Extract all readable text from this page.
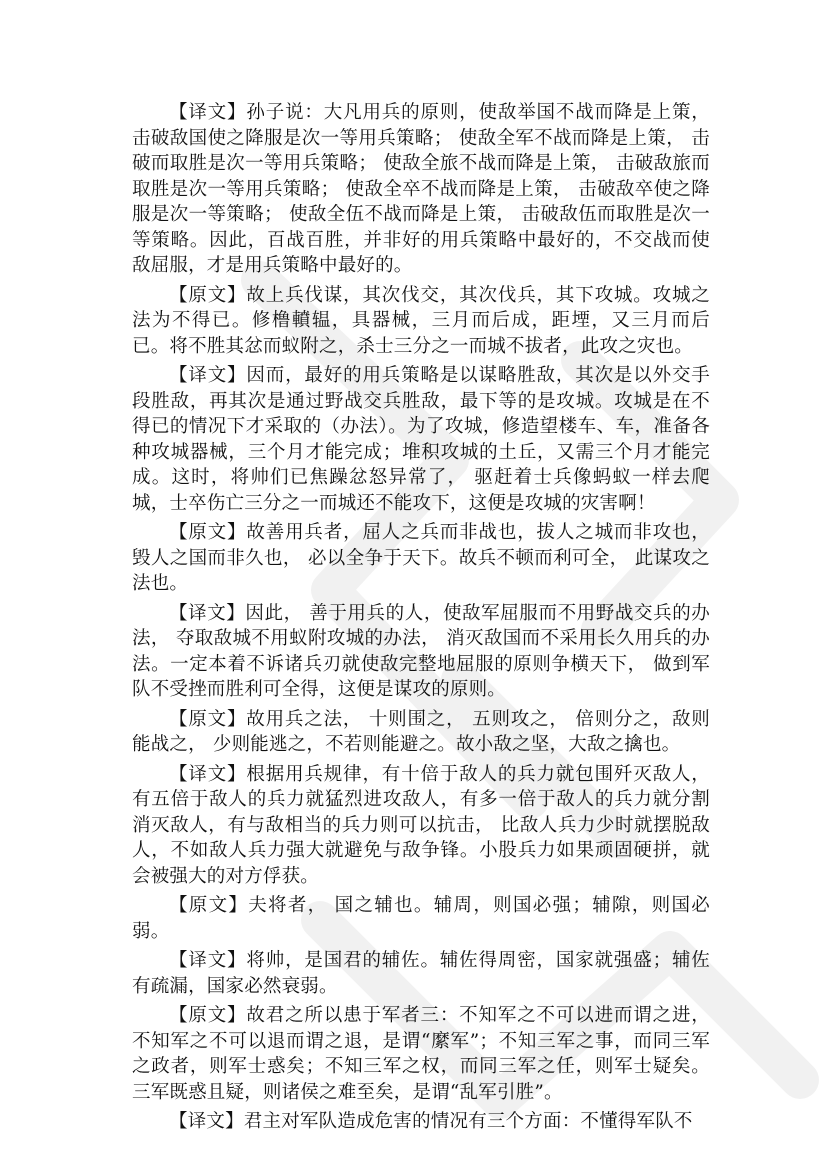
【译文】孙子说：大凡用兵的原则，使敌举国不战而降是上策，击破敌国使之降服是次一等用兵策略； 使敌全军不战而降是上策， 击破而取胜是次一等用兵策略； 使敌全旅不战而降是上策， 击破敌旅而取胜是次一等用兵策略； 使敌全卒不战而降是上策， 击破敌卒使之降服是次一等策略； 使敌全伍不战而降是上策， 击破敌伍而取胜是次一等策略。因此，百战百胜，并非好的用兵策略中最好的，不交战而使敌屈服，才是用兵策略中最好的。

【原文】故上兵伐谋，其次伐交，其次伐兵，其下攻城。攻城之法为不得已。修橹轒辒，具器械，三月而后成，距堙，又三月而后已。将不胜其忿而蚁附之，杀士三分之一而城不拔者，此攻之灾也。

【译文】因而，最好的用兵策略是以谋略胜敌，其次是以外交手段胜敌，再其次是通过野战交兵胜敌，最下等的是攻城。攻城是在不得已的情况下才采取的（办法）。为了攻城，修造望楼车、车，准备各种攻城器械，三个月才能完成；堆积攻城的土丘，又需三个月才能完成。这时，将帅们已焦躁忿怒异常了， 驱赶着士兵像蚂蚁一样去爬城，士卒伤亡三分之一而城还不能攻下，这便是攻城的灾害啊！

【原文】故善用兵者，屈人之兵而非战也，拔人之城而非攻也，毁人之国而非久也， 必以全争于天下。故兵不顿而利可全， 此谋攻之法也。

【译文】因此， 善于用兵的人，使敌军屈服而不用野战交兵的办法， 夺取敌城不用蚁附攻城的办法， 消灭敌国而不采用长久用兵的办法。一定本着不诉诸兵刃就使敌完整地屈服的原则争横天下， 做到军队不受挫而胜利可全得，这便是谋攻的原则。

【原文】故用兵之法， 十则围之， 五则攻之， 倍则分之，敌则能战之， 少则能逃之，不若则能避之。故小敌之坚，大敌之擒也。

【译文】根据用兵规律，有十倍于敌人的兵力就包围歼灭敌人，有五倍于敌人的兵力就猛烈进攻敌人，有多一倍于敌人的兵力就分割消灭敌人，有与敌相当的兵力则可以抗击， 比敌人兵力少时就摆脱敌人，不如敌人兵力强大就避免与敌争锋。小股兵力如果顽固硬拼，就会被强大的对方俘获。

【原文】夫将者， 国之辅也。辅周，则国必强；辅隙，则国必弱。

【译文】将帅，是国君的辅佐。辅佐得周密，国家就强盛；辅佐有疏漏，国家必然衰弱。

【原文】故君之所以患于军者三：不知军之不可以进而谓之进，不知军之不可以退而谓之退，是谓“縻军”；不知三军之事，而同三军之政者，则军士惑矣；不知三军之权，而同三军之任，则军士疑矣。三军既惑且疑，则诸侯之难至矣，是谓“乱军引胜”。

【译文】君主对军队造成危害的情况有三个方面：不懂得军队不
